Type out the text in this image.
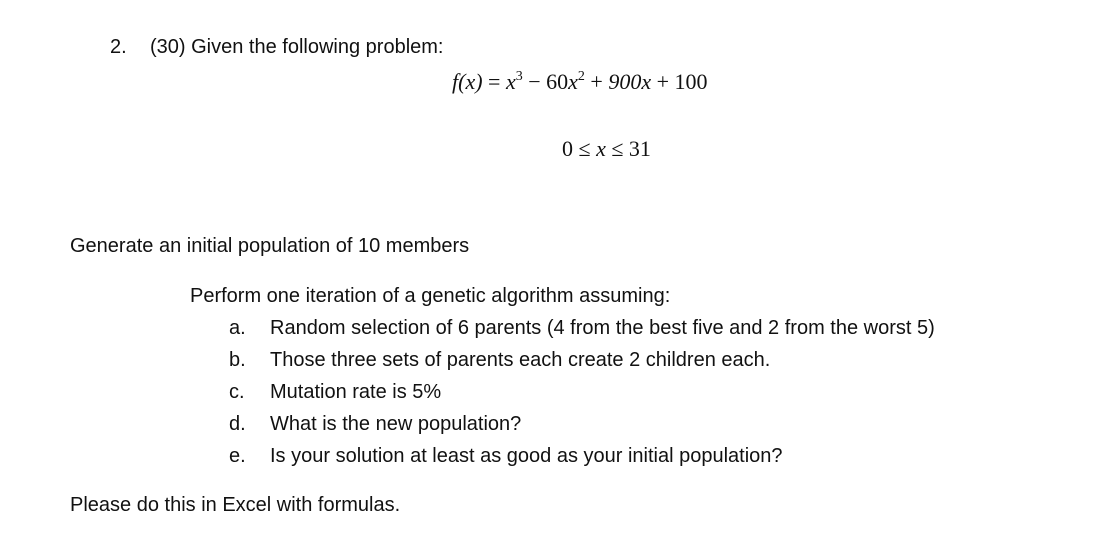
2. (30) Given the following problem:
$f(x) = x^3 - 60x^2 + 900x + 100$
0 ≤ x ≤ 31
Generate an initial population of 10 members
Perform one iteration of a genetic algorithm assuming:
a. Random selection of 6 parents (4 from the best five and 2 from the worst 5)
b. Those three sets of parents each create 2 children each.
c. Mutation rate is 5%
d. What is the new population?
e. Is your solution at least as good as your initial population?
Please do this in Excel with formulas.
